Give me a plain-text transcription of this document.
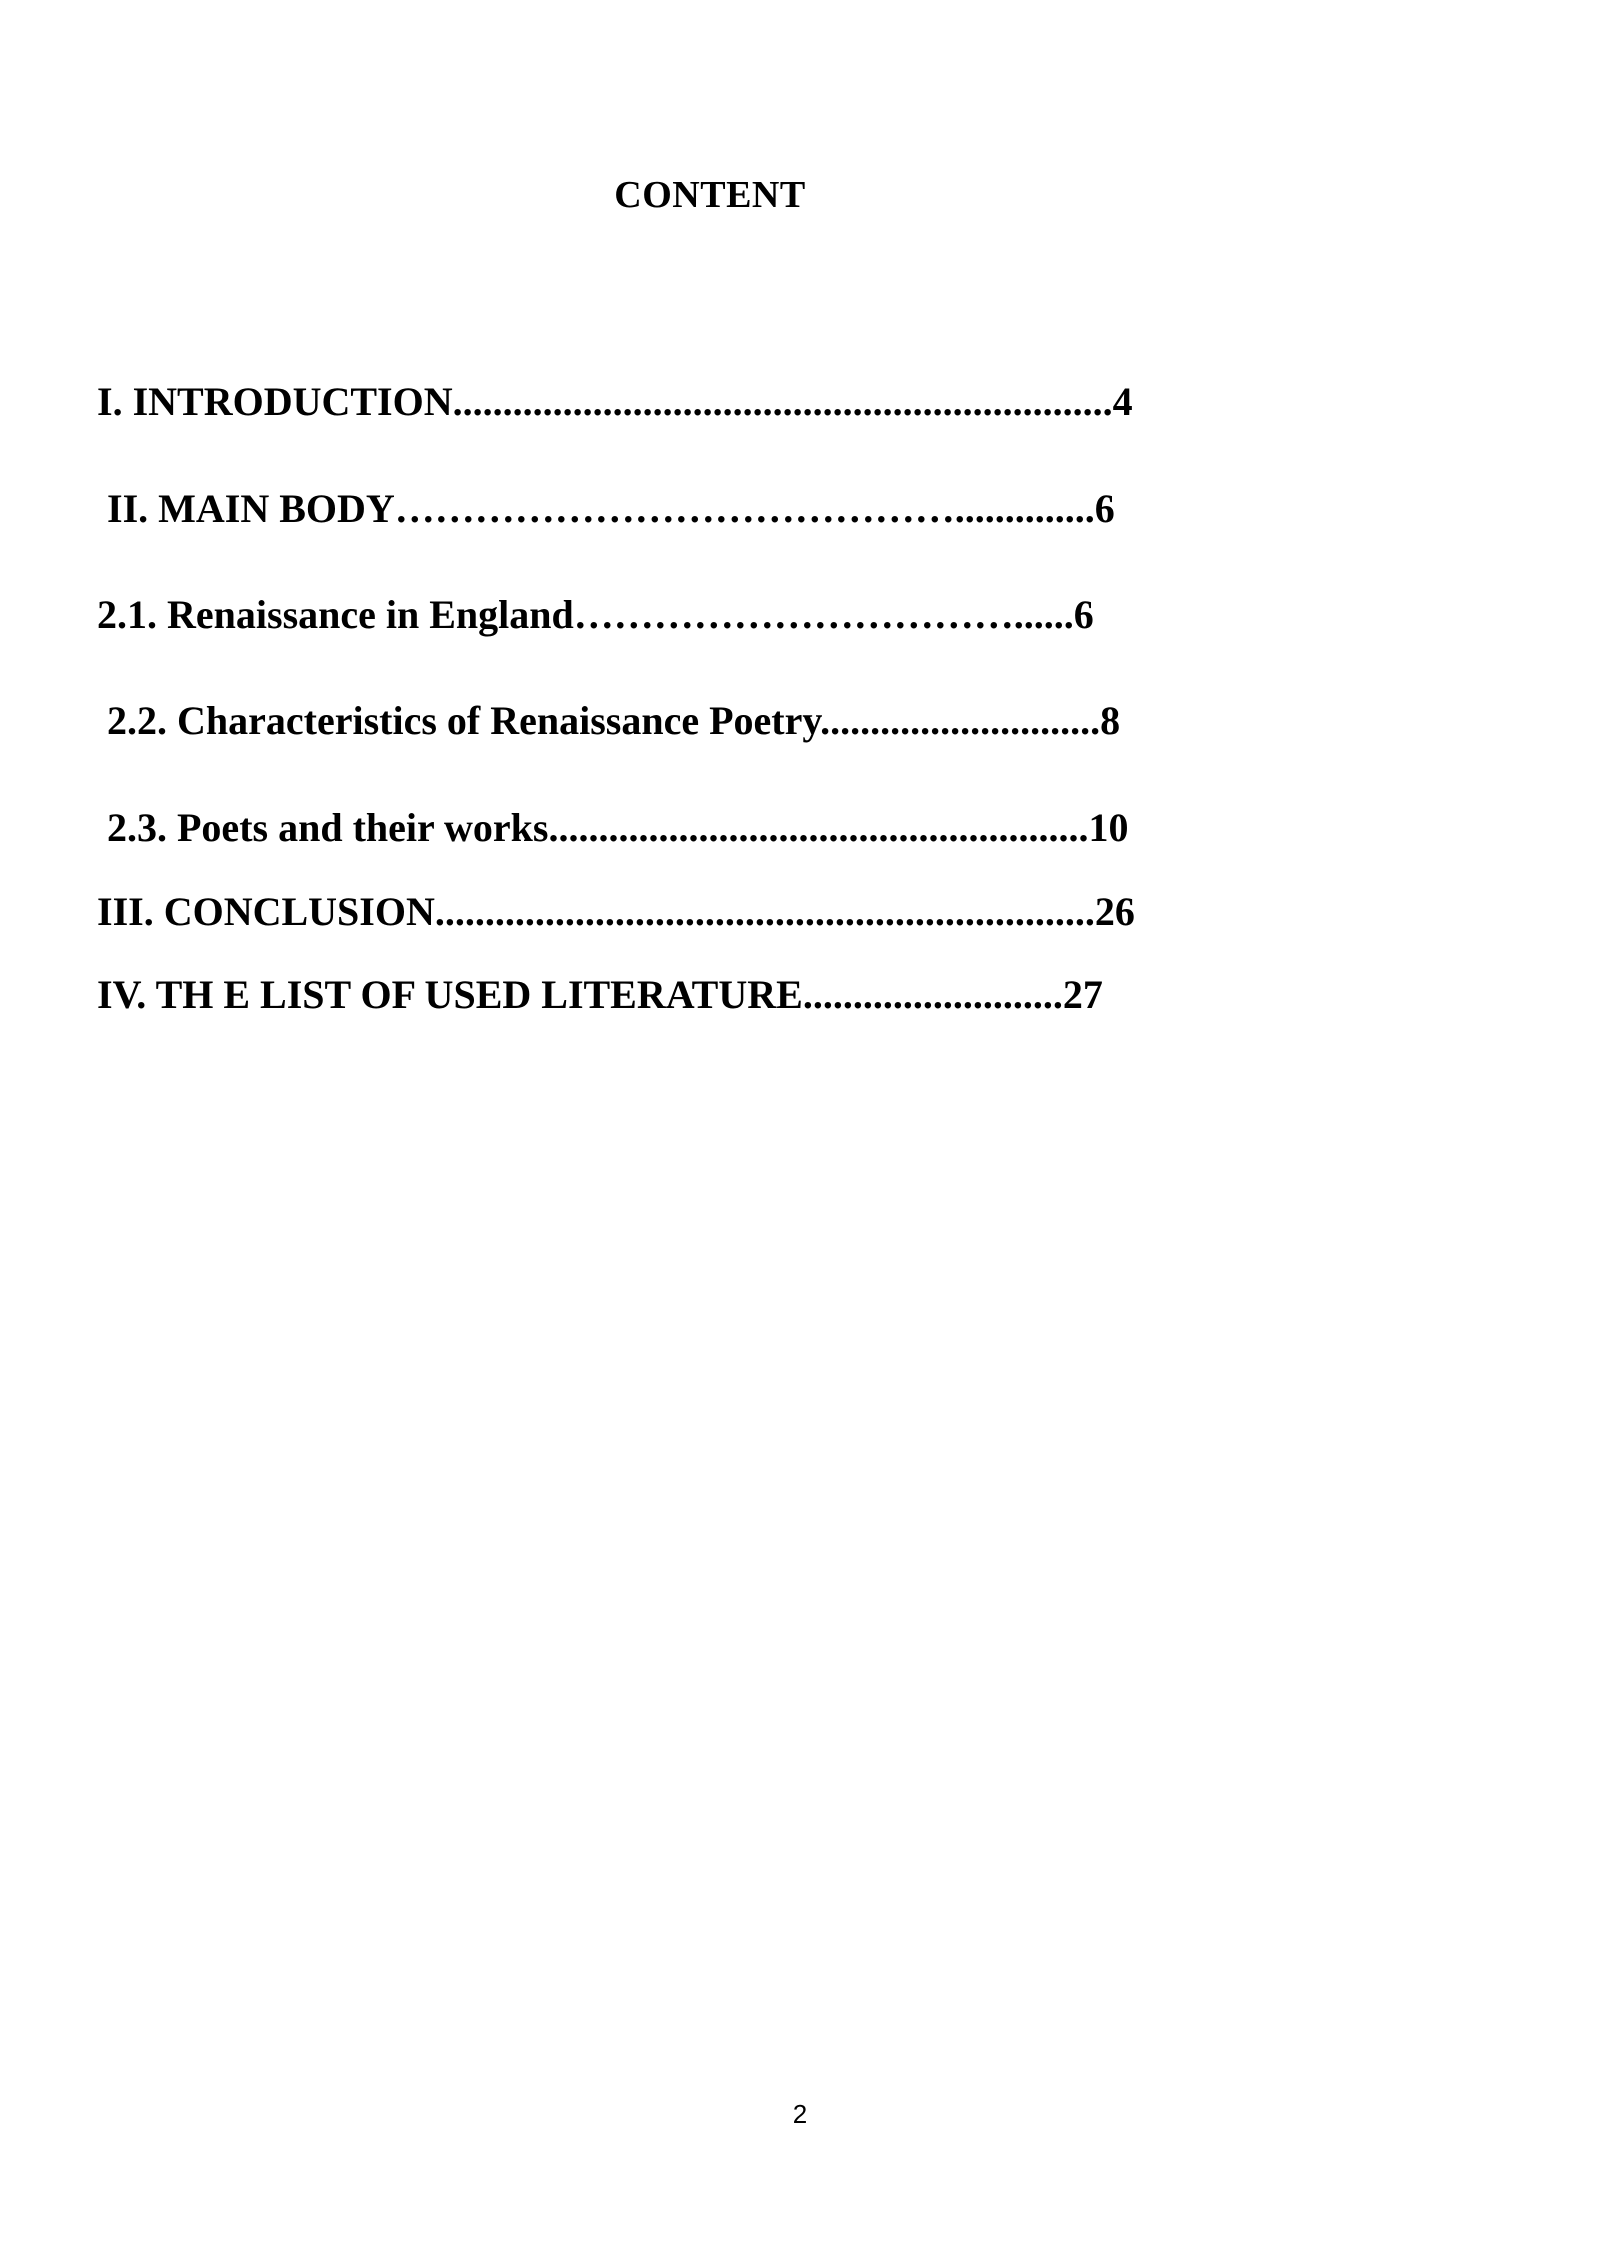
CONTENT
I. INTRODUCTION..................................................................4
II. MAIN BODY……………………………………..............6
2.1. Renaissance in England……………………………......6
2.2. Characteristics of Renaissance Poetry............................8
2.3. Poets and their works......................................................10
III. CONCLUSION..................................................................26
IV. TH E LIST OF USED LITERATURE..........................27
2
